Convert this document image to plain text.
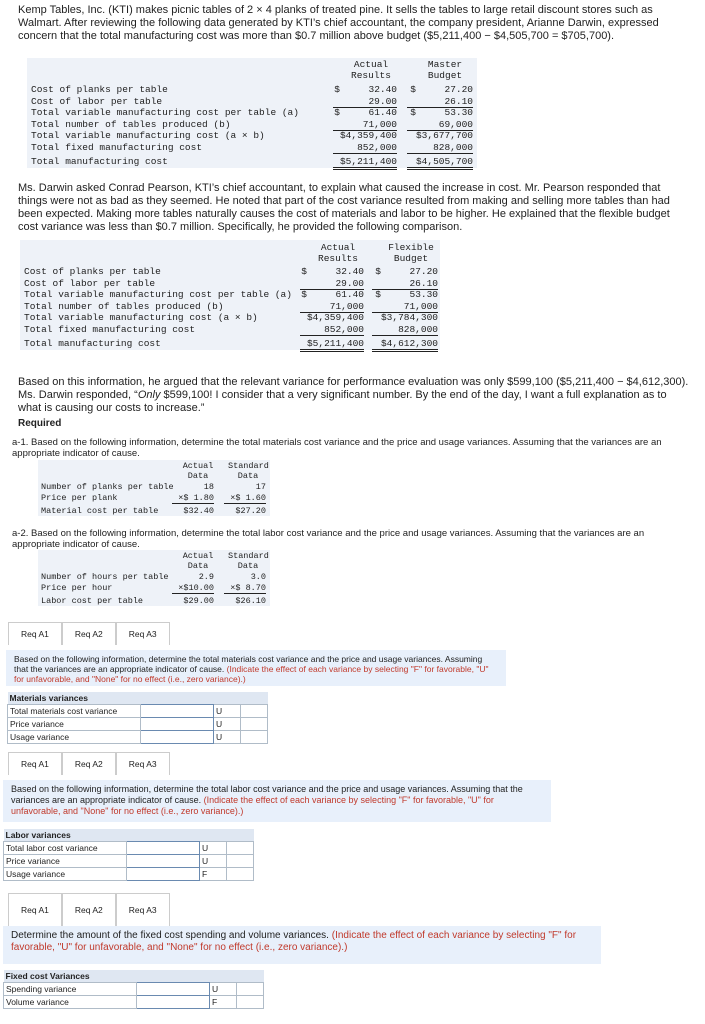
Kemp Tables, Inc. (KTI) makes picnic tables of 2 × 4 planks of treated pine. It sells the tables to large retail discount stores such as Walmart. After reviewing the following data generated by KTI’s chief accountant, the company president, Arianne Darwin, expressed concern that the total manufacturing cost was more than $0.7 million above budget ($5,211,400 − $4,505,700 = $705,700).

Actual
Results
Master
Budget
Cost of planks per table	$     32.40	$     27.20
Cost of labor per table	29.00	26.10
Total variable manufacturing cost per table (a)	$     61.40	$     53.30
Total number of tables produced (b)	71,000	69,000
Total variable manufacturing cost (a × b)	$4,359,400	$3,677,700
Total fixed manufacturing cost	852,000	828,000
Total manufacturing cost	$5,211,400	$4,505,700

Ms. Darwin asked Conrad Pearson, KTI’s chief accountant, to explain what caused the increase in cost. Mr. Pearson responded that things were not as bad as they seemed. He noted that part of the cost variance resulted from making and selling more tables than had been expected. Making more tables naturally causes the cost of materials and labor to be higher. He explained that the flexible budget cost variance was less than $0.7 million. Specifically, he provided the following comparison.

Actual
Results
Flexible
Budget
Cost of planks per table	$     32.40	$     27.20
Cost of labor per table	29.00	26.10
Total variable manufacturing cost per table (a) $     61.40	$     53.30
Total number of tables produced (b)	71,000	71,000
Total variable manufacturing cost (a × b)	$4,359,400	$3,784,300
Total fixed manufacturing cost	852,000	828,000
Total manufacturing cost	$5,211,400	$4,612,300

Based on this information, he argued that the relevant variance for performance evaluation was only $599,100 ($5,211,400 − $4,612,300). Ms. Darwin responded, “Only $599,100! I consider that a very significant number. By the end of the day, I want a full explanation as to what is causing our costs to increase.”

Required

a-1. Based on the following information, determine the total materials cost variance and the price and usage variances. Assuming that the variances are an appropriate indicator of cause.

Actual
Data
Standard
Data
Number of planks per table	18	17
Price per plank	×$ 1.80	×$ 1.60
Material cost per table	$32.40	$27.20

a-2. Based on the following information, determine the total labor cost variance and the price and usage variances. Assuming that the variances are an appropriate indicator of cause.

Actual
Data
Standard
Data
Number of hours per table	2.9	3.0
Price per hour	×$10.00	×$ 8.70
Labor cost per table	$29.00	$26.10
Req A1	Req A2	Req A3
Based on the following information, determine the total materials cost variance and the price and usage variances. Assuming that the variances are an appropriate indicator of cause. (Indicate the effect of each variance by selecting "F" for favorable, "U" for unfavorable, and "None" for no effect (i.e., zero variance).)
Materials variances			
Total materials cost variance		U	
Price variance		U	
Usage variance		U	
Req A1	Req A2	Req A3
Based on the following information, determine the total labor cost variance and the price and usage variances. Assuming that the variances are an appropriate indicator of cause. (Indicate the effect of each variance by selecting "F" for favorable, "U" for unfavorable, and "None" for no effect (i.e., zero variance).)
Labor variances			
Total labor cost variance		U	
Price variance		U	
Usage variance		F	
Req A1	Req A2	Req A3
Determine the amount of the fixed cost spending and volume variances. (Indicate the effect of each variance by selecting "F" for favorable, "U" for unfavorable, and "None" for no effect (i.e., zero variance).)
Fixed cost Variances			
Spending variance		U	
Volume variance		F	
